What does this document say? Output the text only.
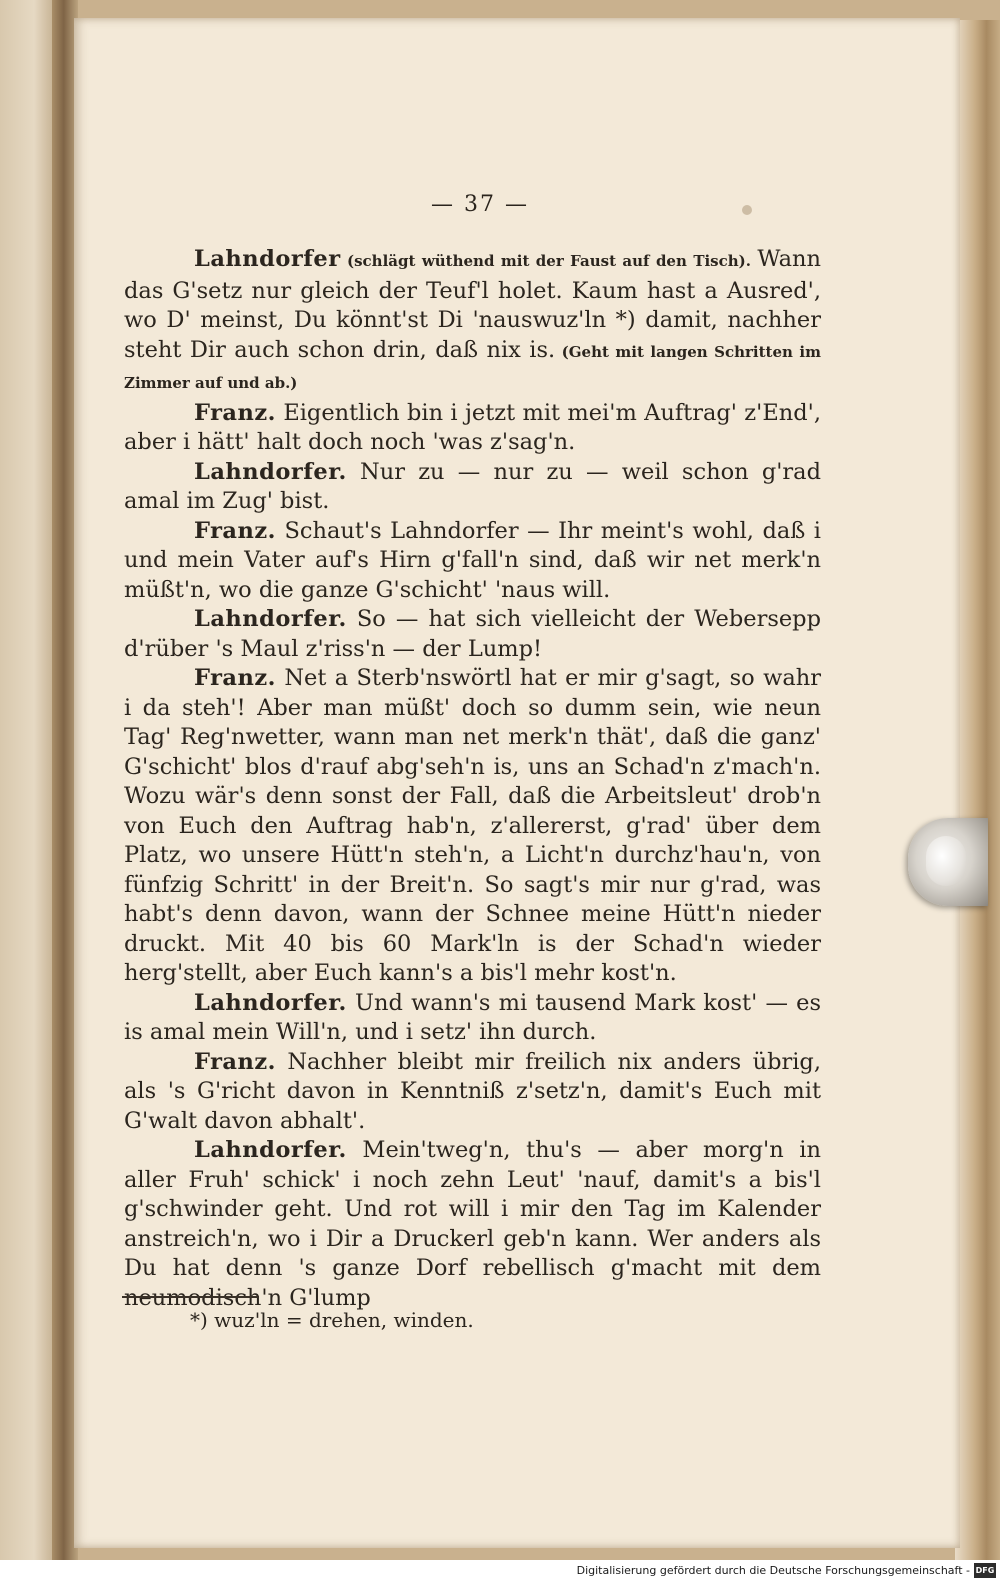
— 37 —

Lahndorfer (schlägt wüthend mit der Faust auf den Tisch). Wann das G'setz nur gleich der Teuf'l holet. Kaum hast a Ausred', wo D' meinst, Du könnt'st Di 'nauswuz'ln *) damit, nachher steht Dir auch schon drin, daß nix is. (Geht mit langen Schritten im Zimmer auf und ab.)

Franz. Eigentlich bin i jetzt mit mei'm Auftrag' z'End', aber i hätt' halt doch noch 'was z'sag'n.

Lahndorfer. Nur zu — nur zu — weil schon g'rad amal im Zug' bist.

Franz. Schaut's Lahndorfer — Ihr meint's wohl, daß i und mein Vater auf's Hirn g'fall'n sind, daß wir net merk'n müßt'n, wo die ganze G'schicht' 'naus will.

Lahndorfer. So — hat sich vielleicht der Webersepp d'rüber 's Maul z'riss'n — der Lump!

Franz. Net a Sterb'nswörtl hat er mir g'sagt, so wahr i da steh'! Aber man müßt' doch so dumm sein, wie neun Tag' Reg'nwetter, wann man net merk'n thät', daß die ganz' G'schicht' blos d'rauf abg'seh'n is, uns an Schad'n z'mach'n. Wozu wär's denn sonst der Fall, daß die Arbeitsleut' drob'n von Euch den Auftrag hab'n, z'allererst, g'rad' über dem Platz, wo unsere Hütt'n steh'n, a Licht'n durchz'hau'n, von fünfzig Schritt' in der Breit'n. So sagt's mir nur g'rad, was habt's denn davon, wann der Schnee meine Hütt'n nieder druckt. Mit 40 bis 60 Mark'ln is der Schad'n wieder herg'stellt, aber Euch kann's a bis'l mehr kost'n.

Lahndorfer. Und wann's mi tausend Mark kost' — es is amal mein Will'n, und i setz' ihn durch.

Franz. Nachher bleibt mir freilich nix anders übrig, als 's G'richt davon in Kenntniß z'setz'n, damit's Euch mit G'walt davon abhalt'.

Lahndorfer. Mein'tweg'n, thu's — aber morg'n in aller Fruh' schick' i noch zehn Leut' 'nauf, damit's a bis'l g'schwinder geht. Und rot will i mir den Tag im Kalender anstreich'n, wo i Dir a Druckerl geb'n kann. Wer anders als Du hat denn 's ganze Dorf rebellisch g'macht mit dem neumodisch'n G'lump

*) wuz'ln = drehen, winden.
Digitalisierung gefördert durch die Deutsche Forschungsgemeinschaft - DFG
